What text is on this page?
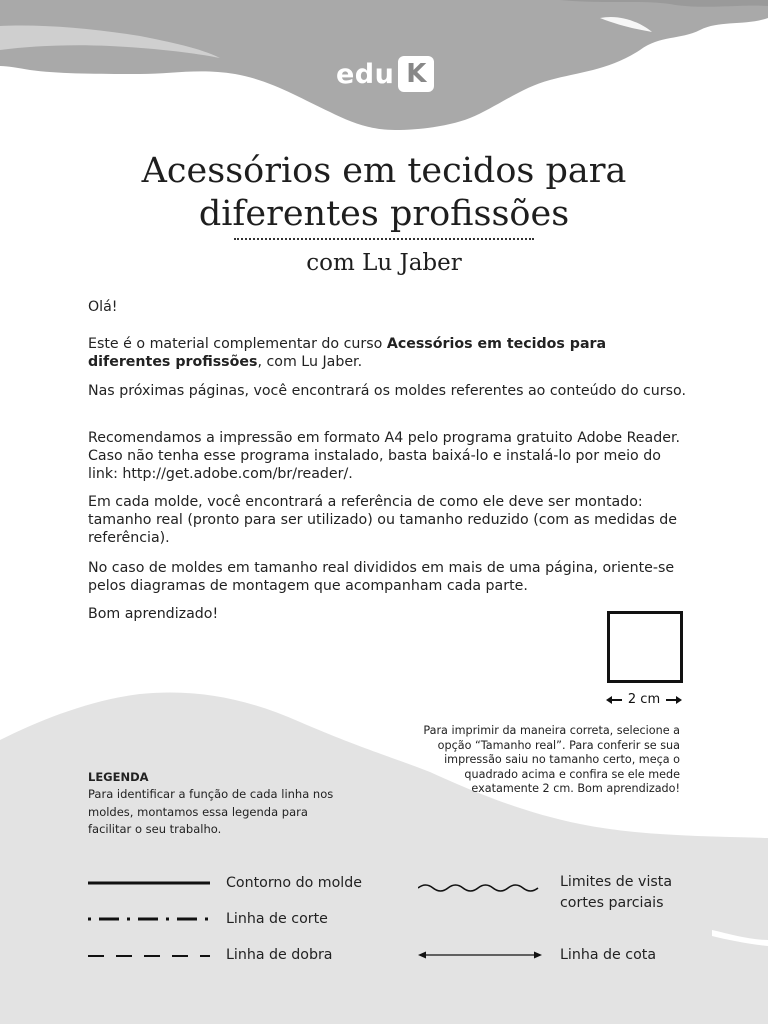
edu K
Acessórios em tecidos para
diferentes profissões
com Lu Jaber
Olá!
Este é o material complementar do curso Acessórios em tecidos para diferentes profissões, com Lu Jaber.
Nas próximas páginas, você encontrará os moldes referentes ao conteúdo do curso.
Recomendamos a impressão em formato A4 pelo programa gratuito Adobe Reader. Caso não tenha esse programa instalado, basta baixá-lo e instalá-lo por meio do link: http://get.adobe.com/br/reader/.
Em cada molde, você encontrará a referência de como ele deve ser montado: tamanho real (pronto para ser utilizado) ou tamanho reduzido (com as medidas de referência).
No caso de moldes em tamanho real divididos em mais de uma página, oriente-se pelos diagramas de montagem que acompanham cada parte.
Bom aprendizado!
2 cm
Para imprimir da maneira correta, selecione a opção “Tamanho real”. Para conferir se sua impressão saiu no tamanho certo, meça o quadrado acima e confira se ele mede exatamente 2 cm. Bom aprendizado!
LEGENDA
Para identificar a função de cada linha nos moldes, montamos essa legenda para facilitar o seu trabalho.
Contorno do molde
Linha de corte
Linha de dobra
Limites de vista
cortes parciais
Linha de cota
